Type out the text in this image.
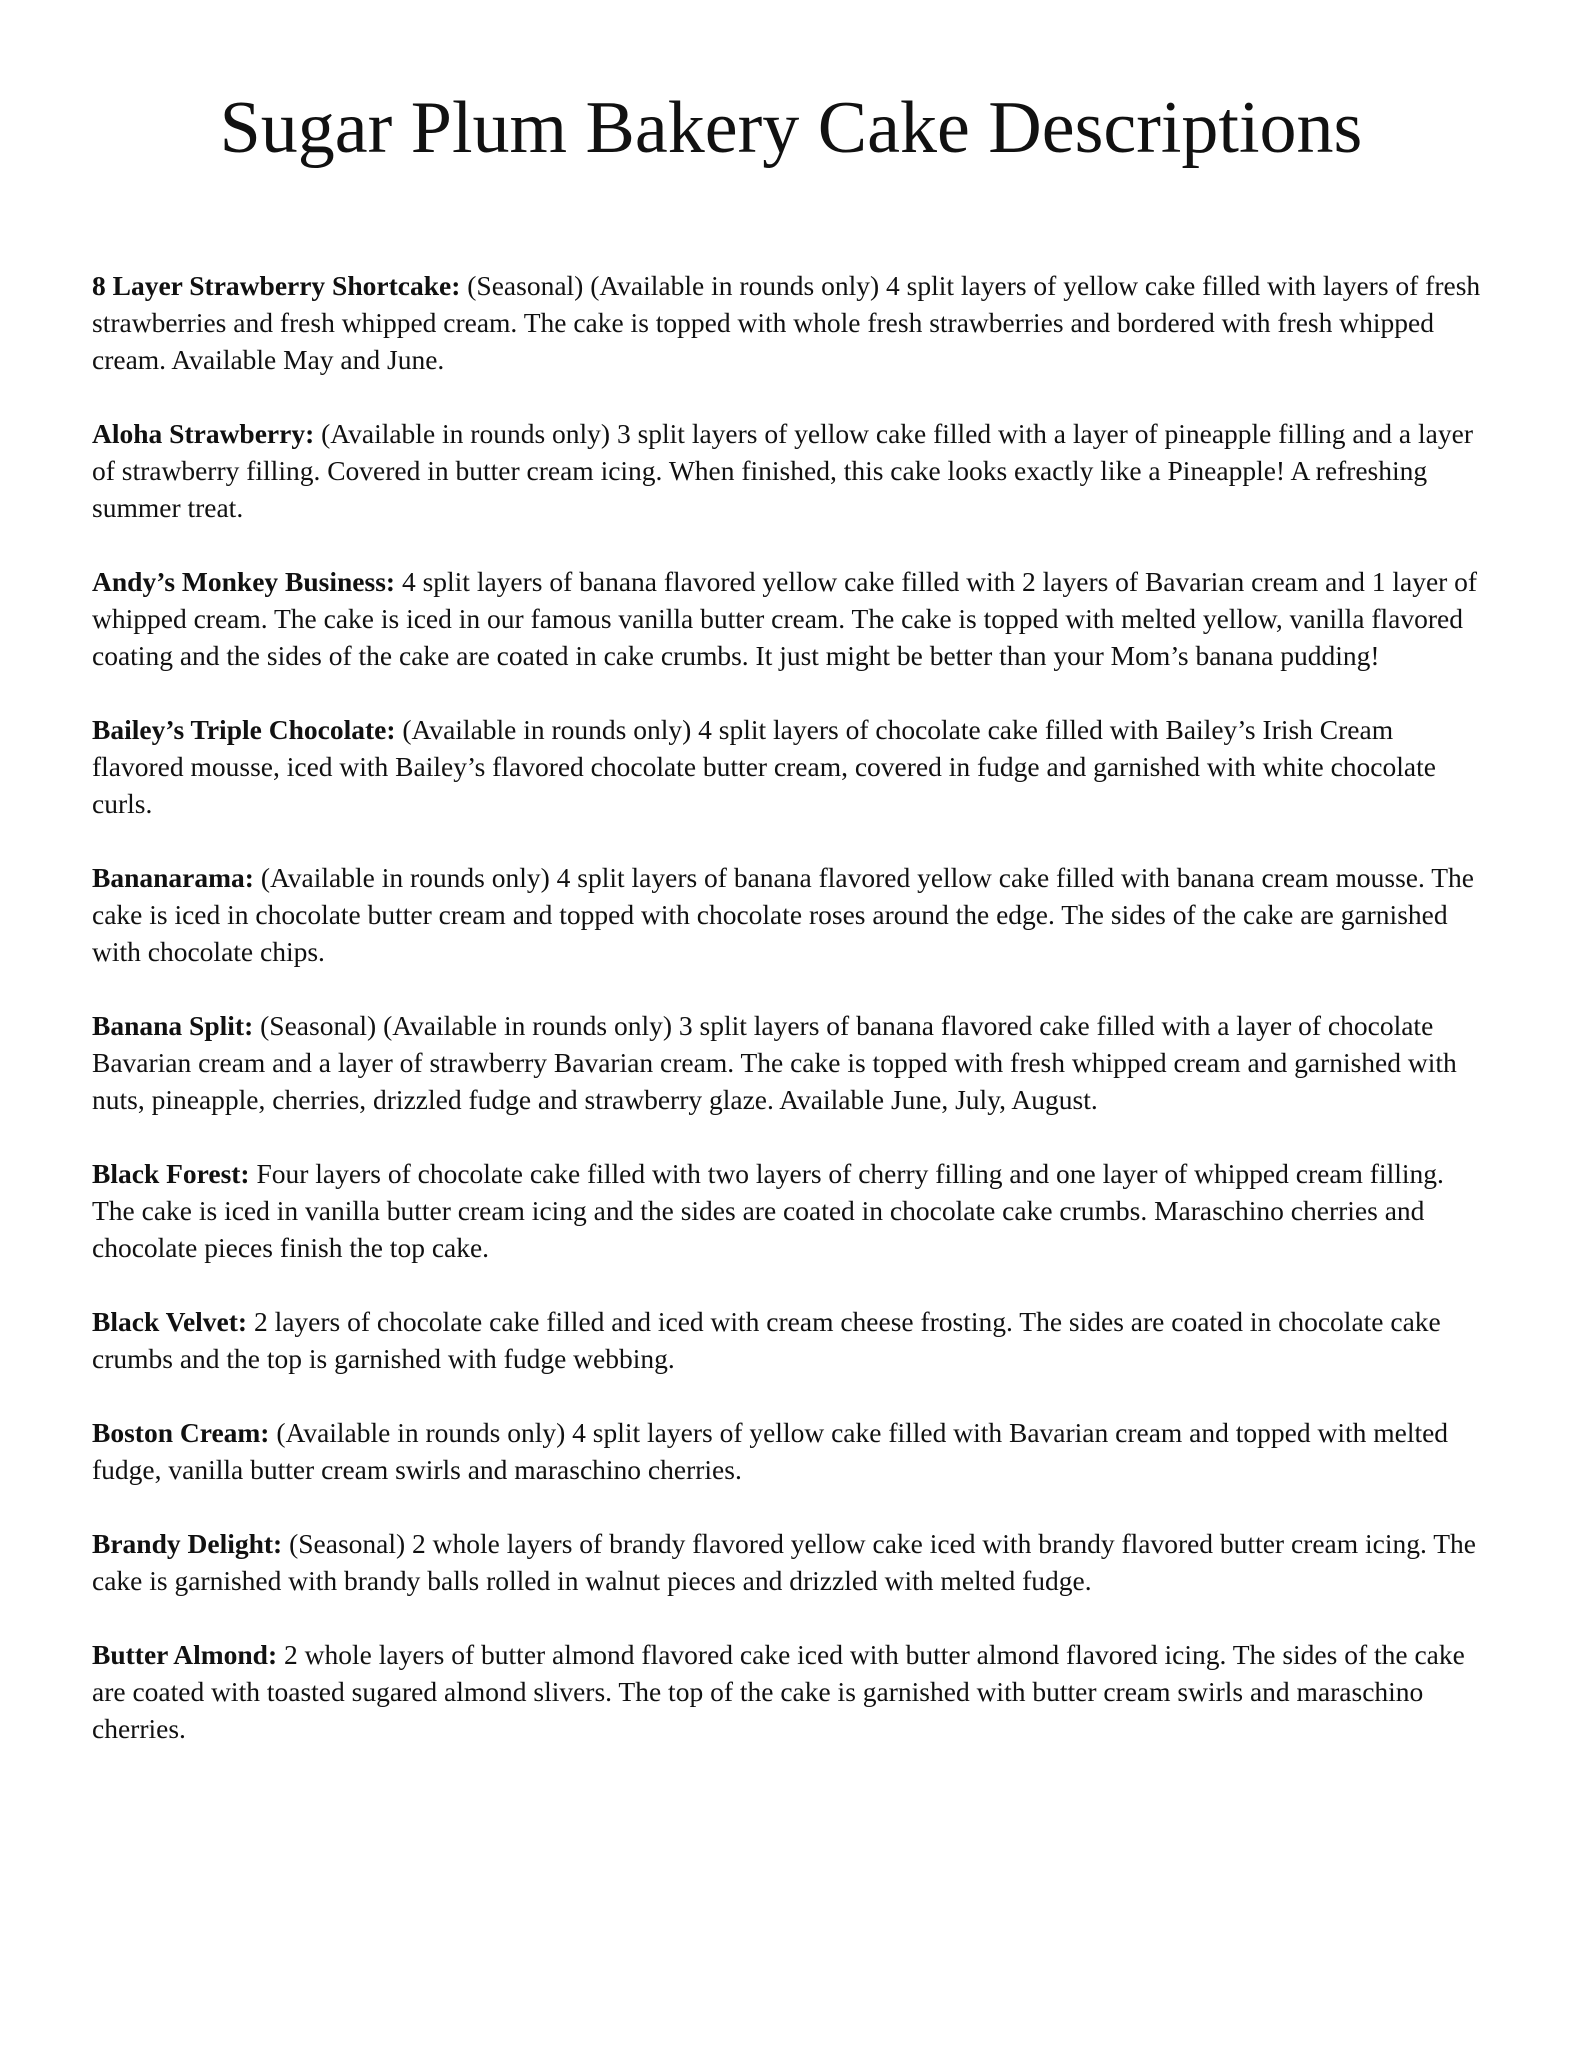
Sugar Plum Bakery Cake Descriptions

8 Layer Strawberry Shortcake: (Seasonal) (Available in rounds only) 4 split layers of yellow cake filled with layers of fresh strawberries and fresh whipped cream. The cake is topped with whole fresh strawberries and bordered with fresh whipped cream. Available May and June.

Aloha Strawberry: (Available in rounds only) 3 split layers of yellow cake filled with a layer of pineapple filling and a layer of strawberry filling. Covered in butter cream icing. When finished, this cake looks exactly like a Pineapple! A refreshing summer treat.

Andy’s Monkey Business: 4 split layers of banana flavored yellow cake filled with 2 layers of Bavarian cream and 1 layer of whipped cream. The cake is iced in our famous vanilla butter cream. The cake is topped with melted yellow, vanilla flavored coating and the sides of the cake are coated in cake crumbs. It just might be better than your Mom’s banana pudding!

Bailey’s Triple Chocolate: (Available in rounds only) 4 split layers of chocolate cake filled with Bailey’s Irish Cream flavored mousse, iced with Bailey’s flavored chocolate butter cream, covered in fudge and garnished with white chocolate curls.

Bananarama: (Available in rounds only) 4 split layers of banana flavored yellow cake filled with banana cream mousse. The cake is iced in chocolate butter cream and topped with chocolate roses around the edge. The sides of the cake are garnished with chocolate chips.

Banana Split: (Seasonal) (Available in rounds only) 3 split layers of banana flavored cake filled with a layer of chocolate Bavarian cream and a layer of strawberry Bavarian cream. The cake is topped with fresh whipped cream and garnished with nuts, pineapple, cherries, drizzled fudge and strawberry glaze. Available June, July, August.

Black Forest: Four layers of chocolate cake filled with two layers of cherry filling and one layer of whipped cream filling. The cake is iced in vanilla butter cream icing and the sides are coated in chocolate cake crumbs. Maraschino cherries and chocolate pieces finish the top cake.

Black Velvet: 2 layers of chocolate cake filled and iced with cream cheese frosting. The sides are coated in chocolate cake crumbs and the top is garnished with fudge webbing.

Boston Cream: (Available in rounds only) 4 split layers of yellow cake filled with Bavarian cream and topped with melted fudge, vanilla butter cream swirls and maraschino cherries.

Brandy Delight: (Seasonal) 2 whole layers of brandy flavored yellow cake iced with brandy flavored butter cream icing. The cake is garnished with brandy balls rolled in walnut pieces and drizzled with melted fudge.

Butter Almond: 2 whole layers of butter almond flavored cake iced with butter almond flavored icing. The sides of the cake are coated with toasted sugared almond slivers. The top of the cake is garnished with butter cream swirls and maraschino cherries.
